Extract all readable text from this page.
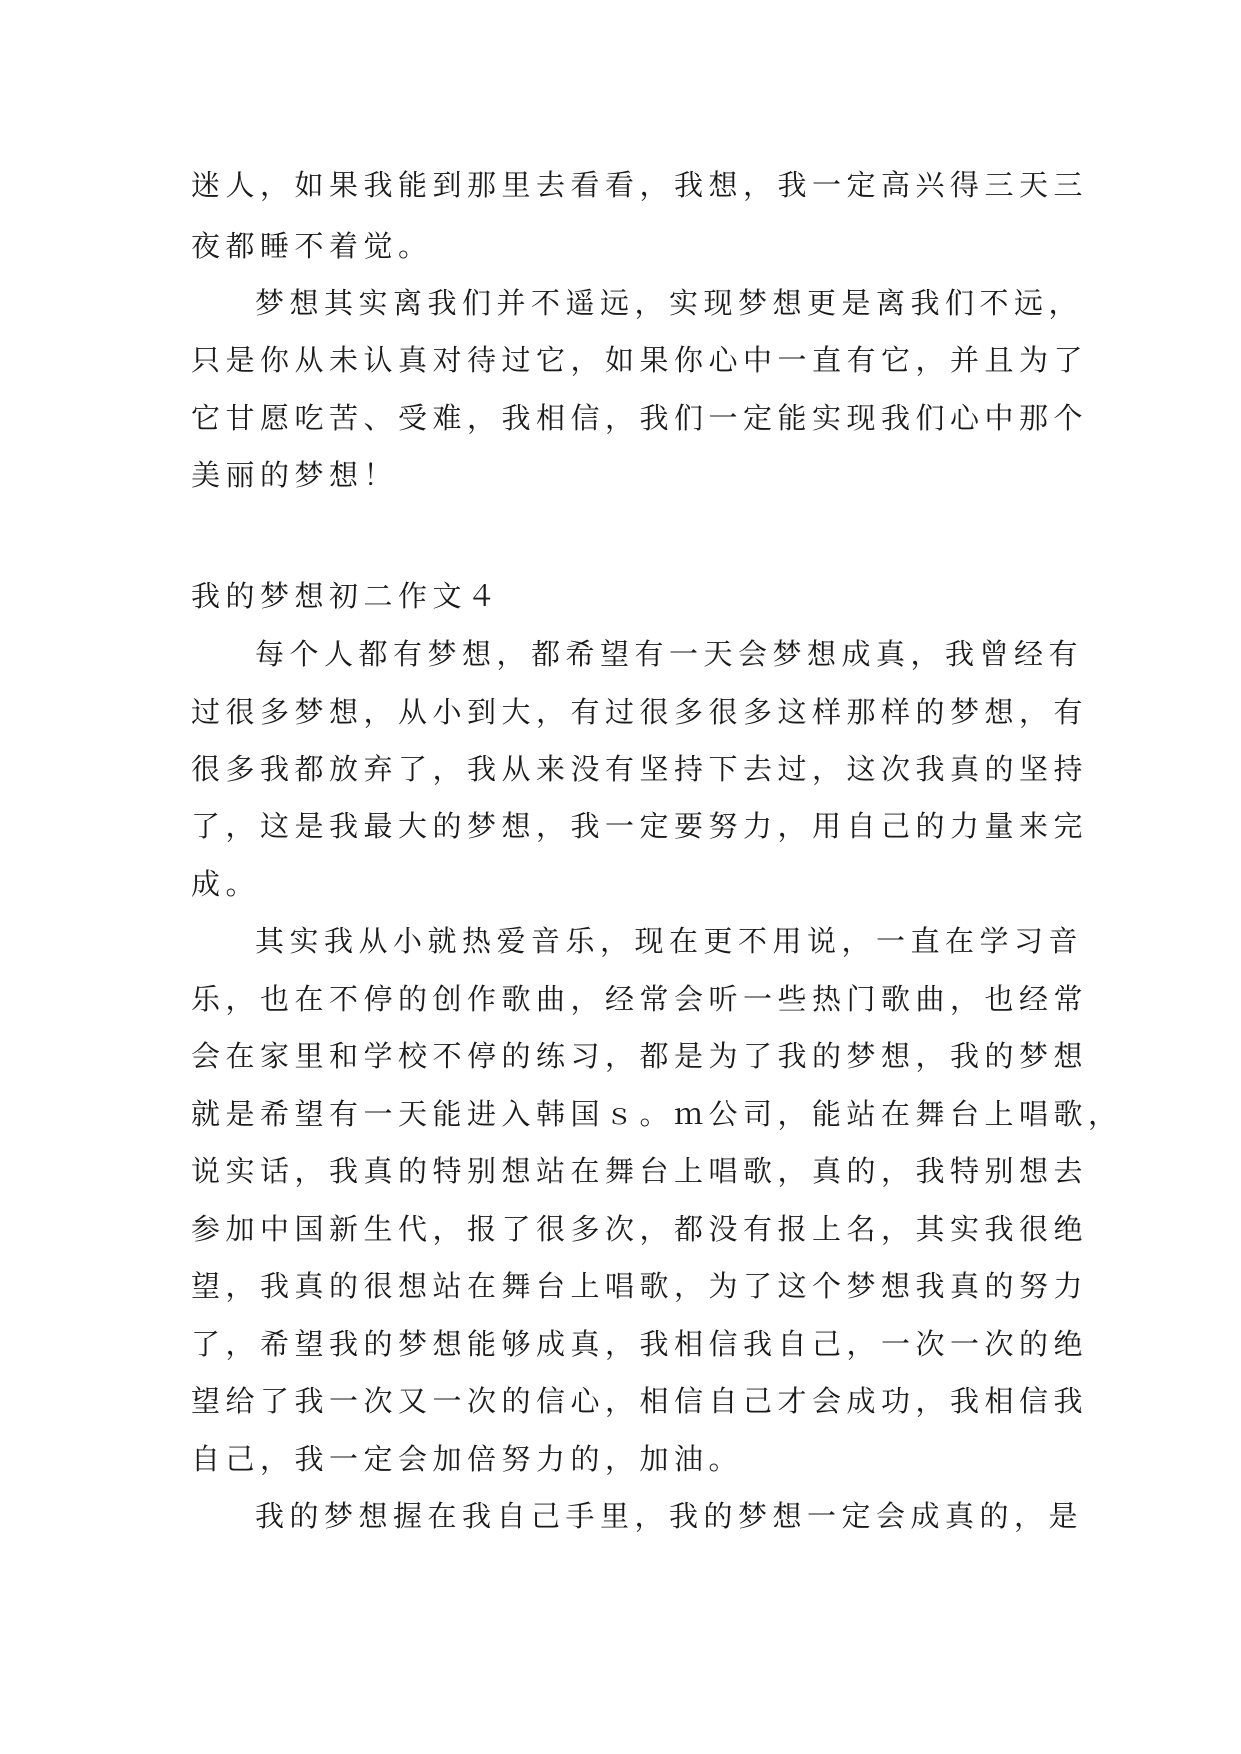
迷人，如果我能到那里去看看，我想，我一定高兴得三天三
夜都睡不着觉。
梦想其实离我们并不遥远，实现梦想更是离我们不远，
只是你从未认真对待过它，如果你心中一直有它，并且为了
它甘愿吃苦、受难，我相信，我们一定能实现我们心中那个
美丽的梦想！
我的梦想初二作文４
每个人都有梦想，都希望有一天会梦想成真，我曾经有
过很多梦想，从小到大，有过很多很多这样那样的梦想，有
很多我都放弃了，我从来没有坚持下去过，这次我真的坚持
了，这是我最大的梦想，我一定要努力，用自己的力量来完
成。
其实我从小就热爱音乐，现在更不用说，一直在学习音
乐，也在不停的创作歌曲，经常会听一些热门歌曲，也经常
会在家里和学校不停的练习，都是为了我的梦想，我的梦想
就是希望有一天能进入韩国ｓ。ｍ公司，能站在舞台上唱歌，
说实话，我真的特别想站在舞台上唱歌，真的，我特别想去
参加中国新生代，报了很多次，都没有报上名，其实我很绝
望，我真的很想站在舞台上唱歌，为了这个梦想我真的努力
了，希望我的梦想能够成真，我相信我自己，一次一次的绝
望给了我一次又一次的信心，相信自己才会成功，我相信我
自己，我一定会加倍努力的，加油。
我的梦想握在我自己手里，我的梦想一定会成真的，是
